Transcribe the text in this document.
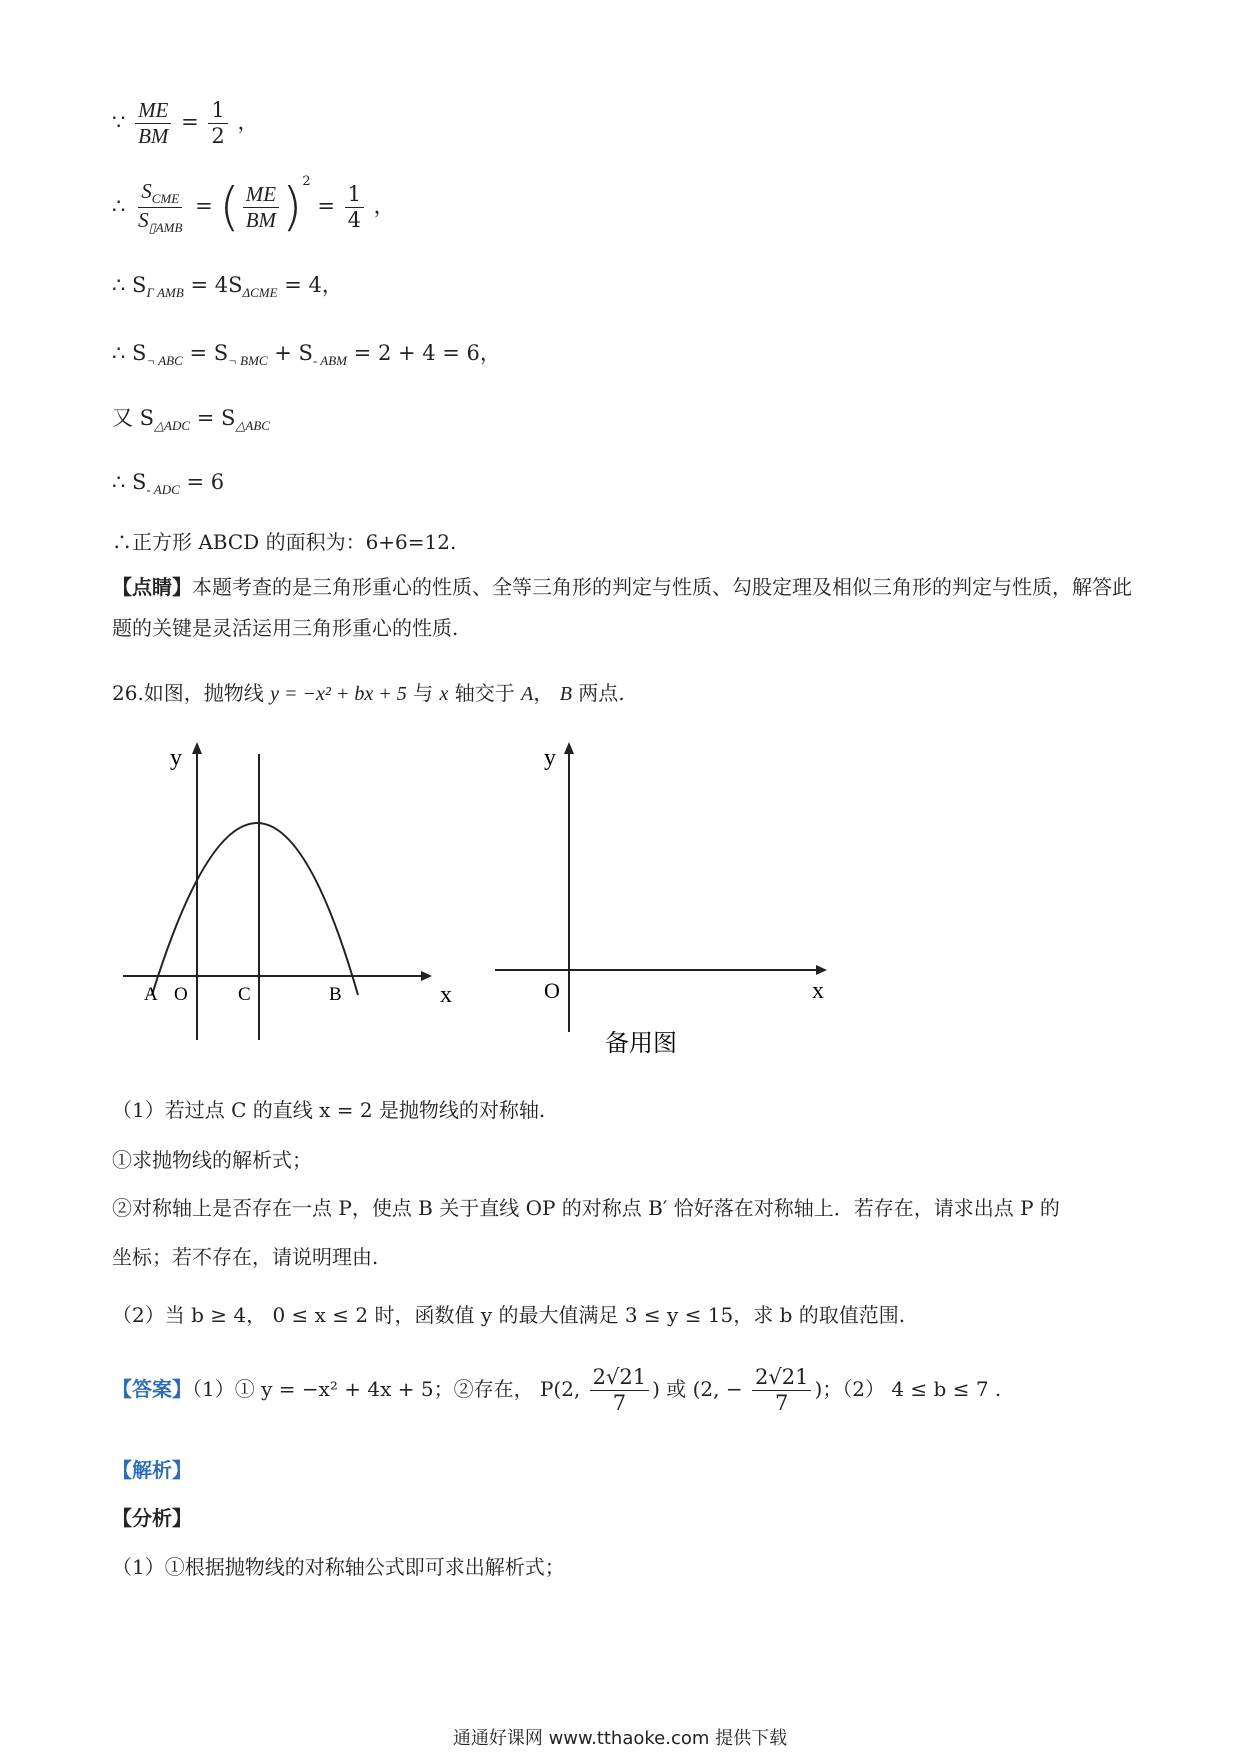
∵ $\frac{ME}{BM} = \frac{1}{2}$ ，
∴ $\frac{S_{CME}}{S_{▯AMB}}$ = ( $\frac{ME}{BM} )^2 = \frac{1}{4}$ ，
∴ $S_{\Gamma AMB} = 4S_{\Delta CME} = 4$，
∴ $S_{\neg ABC} = S_{\neg BMC} + S_{- ABM} = 2 + 4 = 6$，
又 $S_{\triangle ADC} = S_{\triangle ABC}$
∴ $S_{- ADC} = 6$
∴正方形 ABCD 的面积为：6+6=12.
【点睛】本题考查的是三角形重心的性质、全等三角形的判定与性质、勾股定理及相似三角形的判定与性质，解答此题的关键是灵活运用三角形重心的性质.
26.如图，抛物线 y = −x² + bx + 5 与 x 轴交于 A， B 两点.
y
x
A O	C	B
y
x
O
备用图
（1）若过点 C 的直线 x = 2 是抛物线的对称轴.
①求抛物线的解析式；
②对称轴上是否存在一点 P，使点 B 关于直线 OP 的对称点 B′ 恰好落在对称轴上．若存在，请求出点 P 的
坐标；若不存在，请说明理由.
（2）当 b ≥ 4， 0 ≤ x ≤ 2 时，函数值 y 的最大值满足 3 ≤ y ≤ 15，求 b 的取值范围.
【答案】（1）① y = −x² + 4x + 5；②存在， P(2, $\frac{2√21}{7}$ ) 或 (2, − $\frac{2√21}{7}$ )；（2） 4 ≤ b ≤ 7 .
【解析】
【分析】
（1）①根据抛物线的对称轴公式即可求出解析式；
通通好课网 www.tthaoke.com 提供下载
